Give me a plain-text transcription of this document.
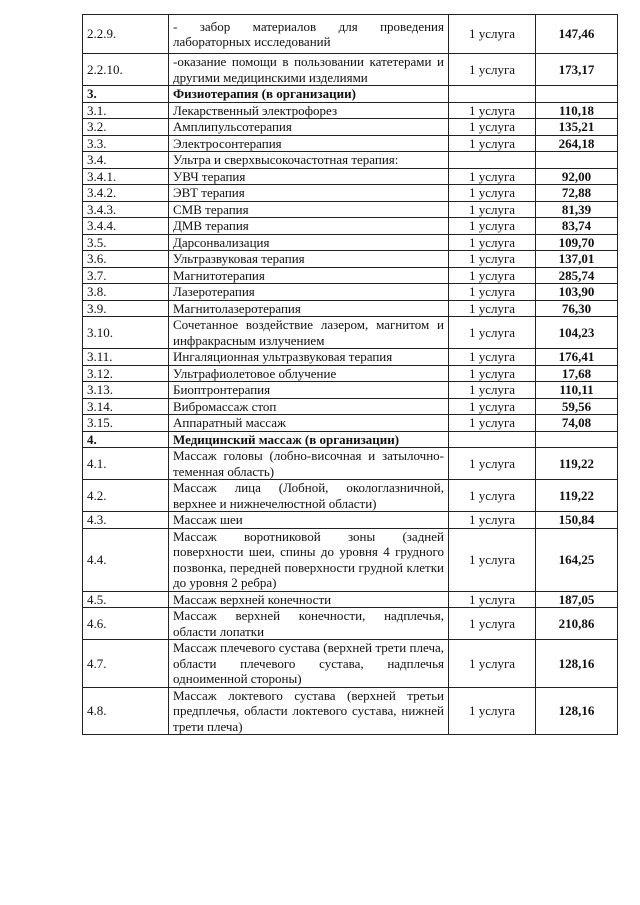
2.2.9.	- забор материалов для проведения лабораторных исследований	1 услуга	147,46
2.2.10.	-оказание помощи в пользовании катетерами и другими медицинскими изделиями	1 услуга	173,17
3.	Физиотерапия (в организации)		
3.1.	Лекарственный электрофорез	1 услуга	110,18
3.2.	Амплипульсотерапия	1 услуга	135,21
3.3.	Электросонтерапия	1 услуга	264,18
3.4.	Ультра и сверхвысокочастотная терапия:		
3.4.1.	УВЧ терапия	1 услуга	92,00
3.4.2.	ЭВТ терапия	1 услуга	72,88
3.4.3.	СМВ терапия	1 услуга	81,39
3.4.4.	ДМВ терапия	1 услуга	83,74
3.5.	Дарсонвализация	1 услуга	109,70
3.6.	Ультразвуковая терапия	1 услуга	137,01
3.7.	Магнитотерапия	1 услуга	285,74
3.8.	Лазеротерапия	1 услуга	103,90
3.9.	Магнитолазеротерапия	1 услуга	76,30
3.10.	Сочетанное воздействие лазером, магнитом и инфракрасным излучением	1 услуга	104,23
3.11.	Ингаляционная ультразвуковая терапия	1 услуга	176,41
3.12.	Ультрафиолетовое облучение	1 услуга	17,68
3.13.	Биоптронтерапия	1 услуга	110,11
3.14.	Вибромассаж стоп	1 услуга	59,56
3.15.	Аппаратный массаж	1 услуга	74,08
4.	Медицинский массаж (в организации)		
4.1.	Массаж головы (лобно-височная и затылочно-теменная область)	1 услуга	119,22
4.2.	Массаж лица (Лобной, окологлазничной, верхнее и нижнечелюстной области)	1 услуга	119,22
4.3.	Массаж шеи	1 услуга	150,84
4.4.	Массаж воротниковой зоны (задней поверхности шеи, спины до уровня 4 грудного позвонка, передней поверхности грудной клетки до уровня 2 ребра)	1 услуга	164,25
4.5.	Массаж верхней конечности	1 услуга	187,05
4.6.	Массаж верхней конечности, надплечья, области лопатки	1 услуга	210,86
4.7.	Массаж плечевого сустава (верхней трети плеча, области плечевого сустава, надплечья одноименной стороны)	1 услуга	128,16
4.8.	Массаж локтевого сустава (верхней третьи предплечья, области локтевого сустава, нижней трети плеча)	1 услуга	128,16
